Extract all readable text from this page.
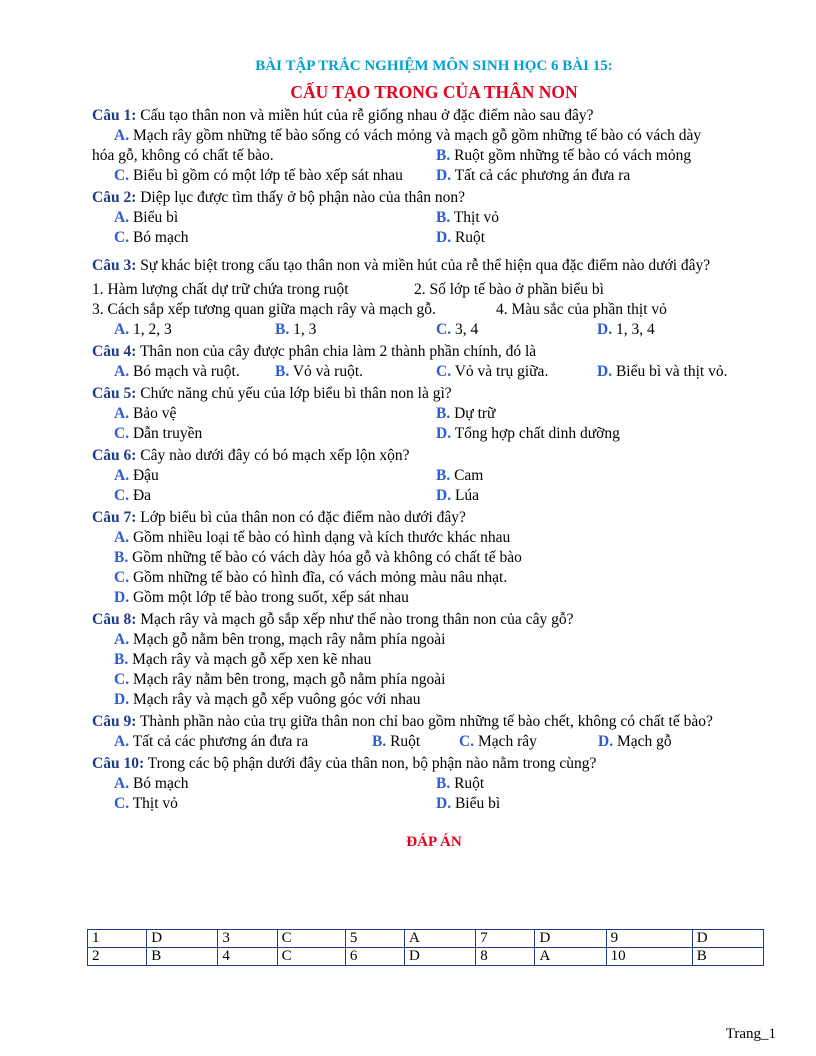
BÀI TẬP TRẮC NGHIỆM MÔN SINH HỌC 6 BÀI 15:
CẤU TẠO TRONG CỦA THÂN NON
Câu 1: Cấu tạo thân non và miền hút của rễ giống nhau ở đặc điểm nào sau đây?
A. Mạch rây gồm những tế bào sống có vách mỏng và mạch gỗ gồm những tế bào có vách dày
hóa gỗ, không có chất tế bào.	B. Ruột gồm những tế bào có vách mỏng
C. Biểu bì gồm có một lớp tế bào xếp sát nhau	D. Tất cả các phương án đưa ra
Câu 2: Diệp lục được tìm thấy ở bộ phận nào của thân non?
A. Biểu bì	B. Thịt vỏ
C. Bó mạch	D. Ruột
Câu 3: Sự khác biệt trong cấu tạo thân non và miền hút của rễ thể hiện qua đặc điểm nào dưới đây?
1. Hàm lượng chất dự trữ chứa trong ruột	2. Số lớp tế bào ở phần biểu bì
3. Cách sắp xếp tương quan giữa mạch rây và mạch gỗ.	4. Màu sắc của phần thịt vỏ
A. 1, 2, 3	B. 1, 3	C. 3, 4	D. 1, 3, 4
Câu 4: Thân non của cây được phân chia làm 2 thành phần chính, đó là
A. Bó mạch và ruột.	B. Vỏ và ruột.	C. Vỏ và trụ giữa.	D. Biểu bì và thịt vỏ.
Câu 5: Chức năng chủ yếu của lớp biểu bì thân non là gì?
A. Bảo vệ	B. Dự trữ
C. Dẫn truyền	D. Tổng hợp chất dinh dưỡng
Câu 6: Cây nào dưới đây có bó mạch xếp lộn xộn?
A. Đậu	B. Cam
C. Đa	D. Lúa
Câu 7: Lớp biểu bì của thân non có đặc điểm nào dưới đây?
A. Gồm nhiều loại tế bào có hình dạng và kích thước khác nhau
B. Gồm những tế bào có vách dày hóa gỗ và không có chất tế bào
C. Gồm những tế bào có hình đĩa, có vách mỏng màu nâu nhạt.
D. Gồm một lớp tế bào trong suốt, xếp sát nhau
Câu 8: Mạch rây và mạch gỗ sắp xếp như thế nào trong thân non của cây gỗ?
A. Mạch gỗ nằm bên trong, mạch rây nằm phía ngoài
B. Mạch rây và mạch gỗ xếp xen kẽ nhau
C. Mạch rây nằm bên trong, mạch gỗ nằm phía ngoài
D. Mạch rây và mạch gỗ xếp vuông góc với nhau
Câu 9: Thành phần nào của trụ giữa thân non chỉ bao gồm những tế bào chết, không có chất tế bào?
A. Tất cả các phương án đưa ra	B. Ruột	C. Mạch rây	D. Mạch gỗ
Câu 10: Trong các bộ phận dưới đây của thân non, bộ phận nào nằm trong cùng?
A. Bó mạch	B. Ruột
C. Thịt vỏ	D. Biểu bì
ĐÁP ÁN
1	D	3	C	5	A	7	D	9	D
2	B	4	C	6	D	8	A	10	B
Trang_1
